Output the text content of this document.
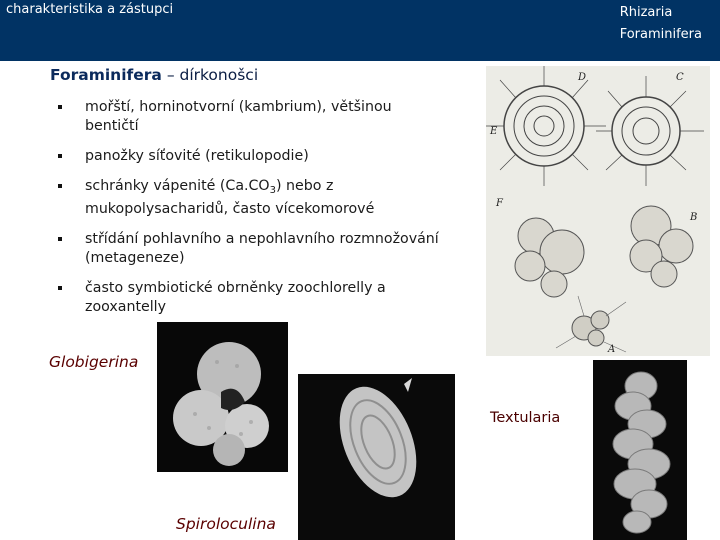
charakteristika a zástupci	Rhizaria
Foraminifera
Foraminifera – dírkonošci
mořští, horninotvorní (kambrium), většinou bentičtí
panožky síťovité (retikulopodie)
schránky vápenité $(Ca.CO_3)$ nebo z mukopolysacharidů, často vícekomorové
střídání pohlavního a nepohlavního rozmnožování (metageneze)
často symbiotické obrněnky zoochlorelly a zooxantelly
D	C
E
F
B
A
Globigerina
Spiroloculina
Textularia
